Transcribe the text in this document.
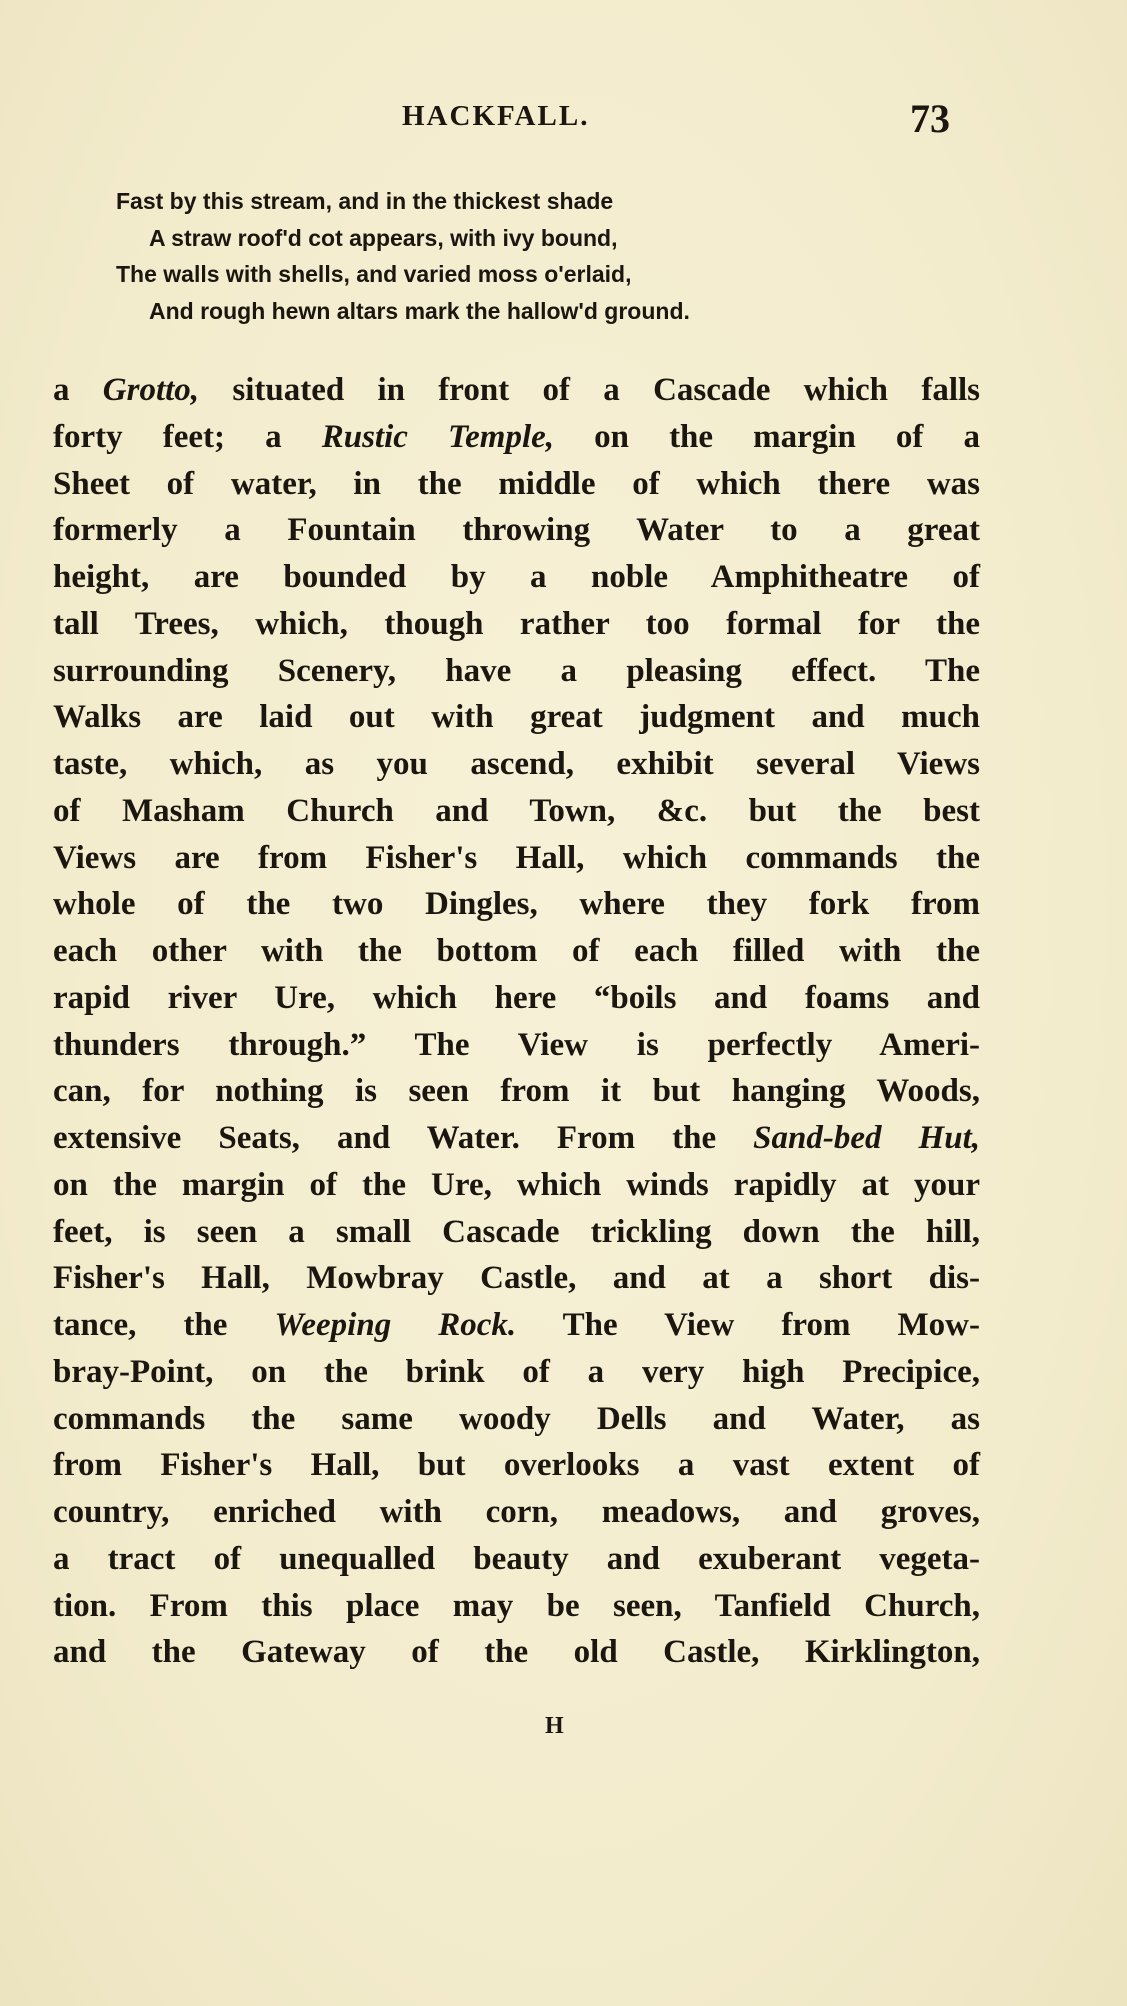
HACKFALL.	73
Fast by this stream, and in the thickest shade
A straw roof'd cot appears, with ivy bound,
The walls with shells, and varied moss o'erlaid,
And rough hewn altars mark the hallow'd ground.
a Grotto, situated in front of a Cascade which falls
forty feet; a Rustic Temple, on the margin of a
Sheet of water, in the middle of which there was
formerly a Fountain throwing Water to a great
height, are bounded by a noble Amphitheatre of
tall Trees, which, though rather too formal for the
surrounding Scenery, have a pleasing effect. The
Walks are laid out with great judgment and much
taste, which, as you ascend, exhibit several Views
of Masham Church and Town, &c. but the best
Views are from Fisher's Hall, which commands the
whole of the two Dingles, where they fork from
each other with the bottom of each filled with the
rapid river Ure, which here “boils and foams and
thunders through.” The View is perfectly Ameri-
can, for nothing is seen from it but hanging Woods,
extensive Seats, and Water. From the Sand-bed Hut,
on the margin of the Ure, which winds rapidly at your
feet, is seen a small Cascade trickling down the hill,
Fisher's Hall, Mowbray Castle, and at a short dis-
tance, the Weeping Rock. The View from Mow-
bray-Point, on the brink of a very high Precipice,
commands the same woody Dells and Water, as
from Fisher's Hall, but overlooks a vast extent of
country, enriched with corn, meadows, and groves,
a tract of unequalled beauty and exuberant vegeta-
tion. From this place may be seen, Tanfield Church,
and the Gateway of the old Castle, Kirklington,
H
